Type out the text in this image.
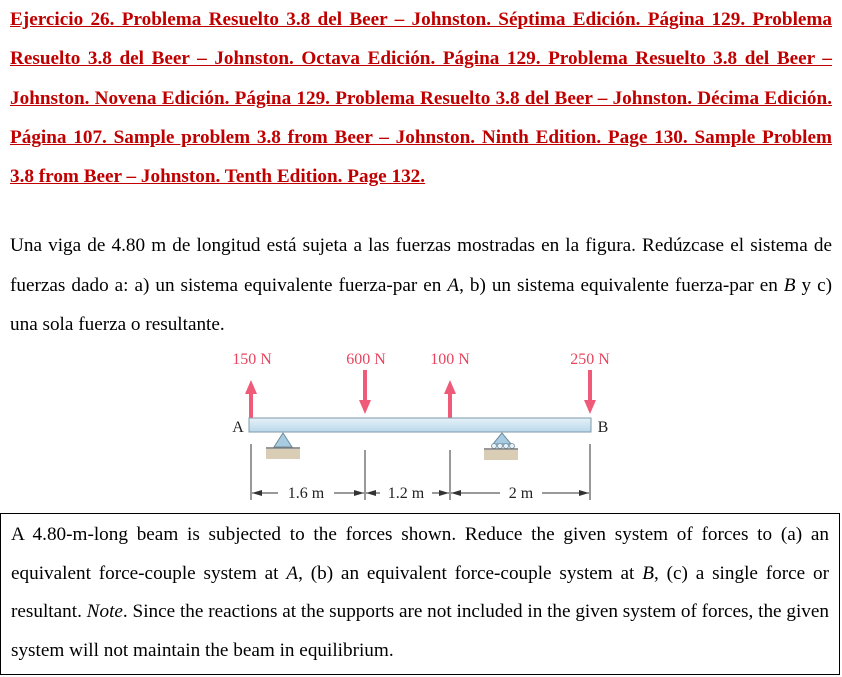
Ejercicio 26. Problema Resuelto 3.8 del Beer – Johnston. Séptima Edición. Página 129. Problema Resuelto 3.8 del Beer – Johnston. Octava Edición. Página 129. Problema Resuelto 3.8 del Beer – Johnston. Novena Edición. Página 129. Problema Resuelto 3.8 del Beer – Johnston. Décima Edición. Página 107. Sample problem 3.8 from Beer – Johnston. Ninth Edition. Page 130. Sample Problem 3.8 from Beer – Johnston. Tenth Edition. Page 132.

Una viga de 4.80 m de longitud está sujeta a las fuerzas mostradas en la figura. Redúzcase el sistema de fuerzas dado a: a) un sistema equivalente fuerza-par en A, b) un sistema equivalente fuerza-par en B y c) una sola fuerza o resultante.

150 N	600 N	100 N	250 N
A	B
1.6 m	1.2 m	2 m

A 4.80-m-long beam is subjected to the forces shown. Reduce the given system of forces to (a) an equivalent force-couple system at A, (b) an equivalent force-couple system at B, (c) a single force or resultant. Note. Since the reactions at the supports are not included in the given system of forces, the given system will not maintain the beam in equilibrium.
